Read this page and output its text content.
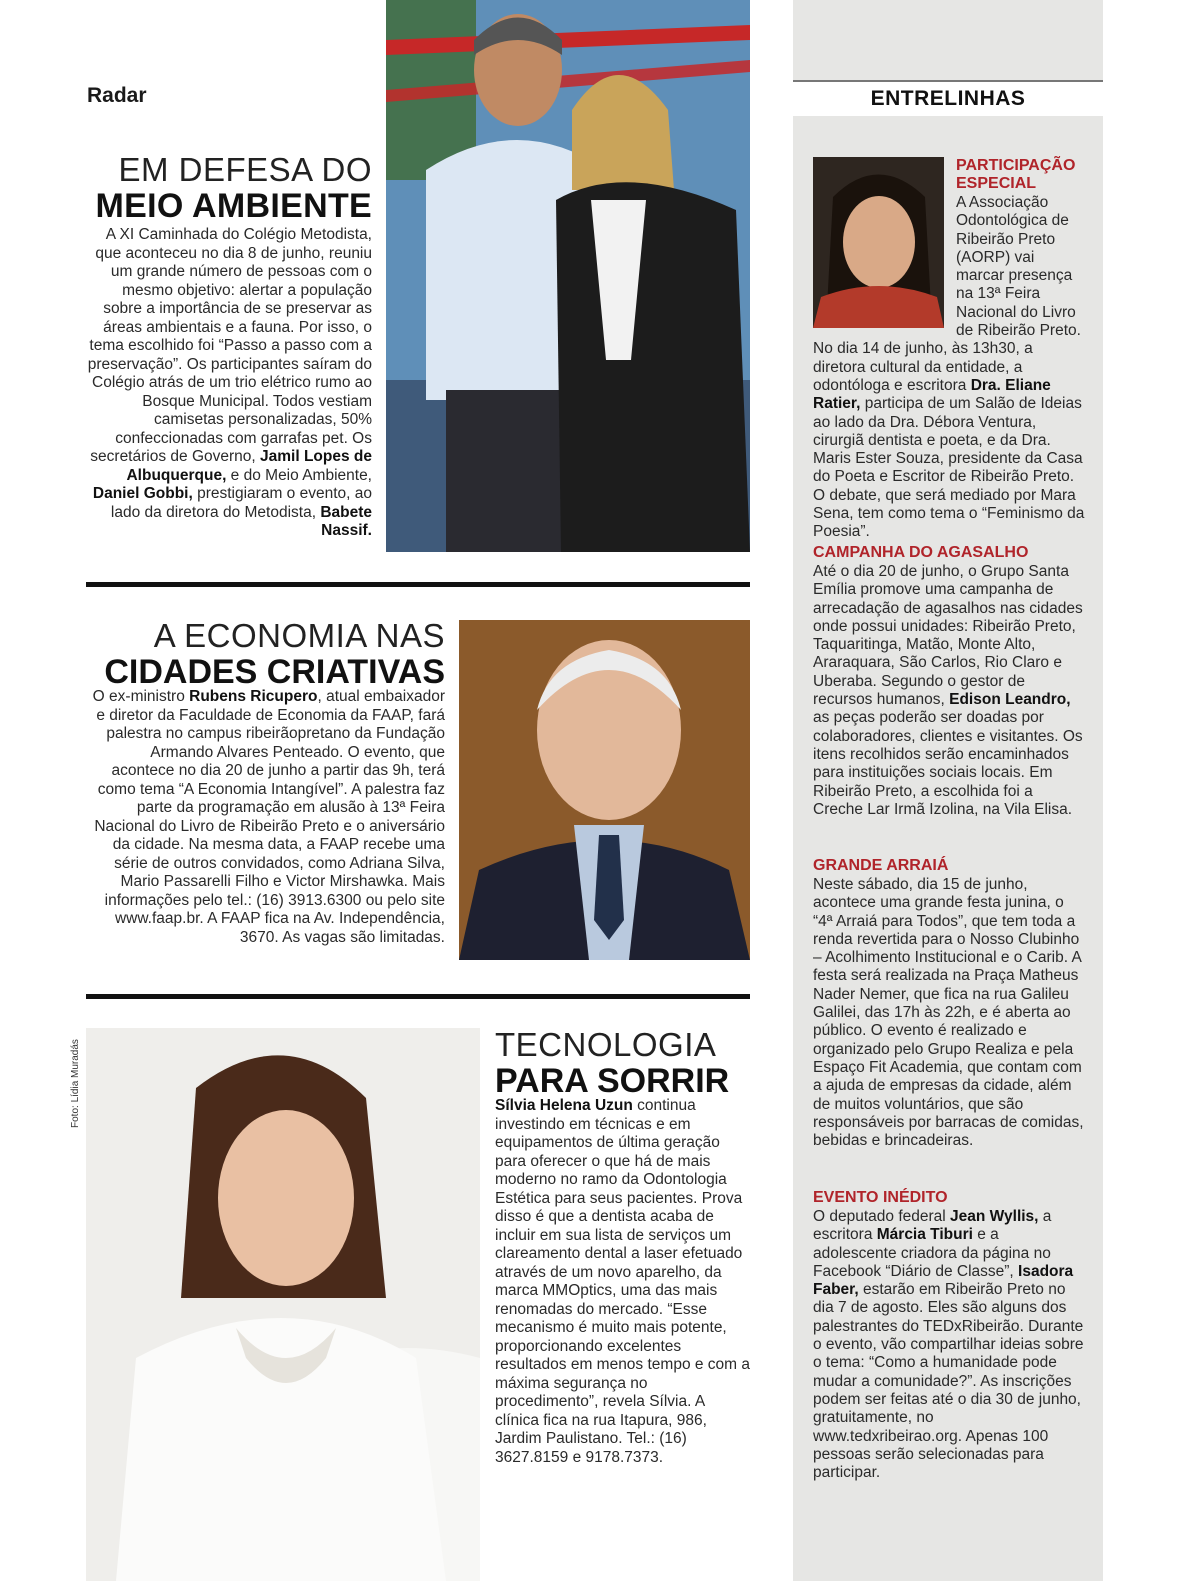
Radar
EM DEFESA DO
MEIO AMBIENTE
A XI Caminhada do Colégio Metodista, que aconteceu no dia 8 de junho, reuniu um grande número de pessoas com o mesmo objetivo: alertar a população sobre a importância de se preservar as áreas ambientais e a fauna. Por isso, o tema escolhido foi “Passo a passo com a preservação”. Os participantes saíram do Colégio atrás de um trio elétrico rumo ao Bosque Municipal. Todos vestiam camisetas personalizadas, 50% confeccionadas com garrafas pet. Os secretários de Governo, Jamil Lopes de Albuquerque, e do Meio Ambiente, Daniel Gobbi, prestigiaram o evento, ao lado da diretora do Metodista, Babete Nassif.
A ECONOMIA NAS
CIDADES CRIATIVAS
O ex-ministro Rubens Ricupero, atual embaixador e diretor da Faculdade de Economia da FAAP, fará palestra no campus ribeirãopretano da Fundação Armando Alvares Penteado. O evento, que acontece no dia 20 de junho a partir das 9h, terá como tema “A Economia Intangível”. A palestra faz parte da programação em alusão à 13ª Feira Nacional do Livro de Ribeirão Preto e o aniversário da cidade. Na mesma data, a FAAP recebe uma série de outros convidados, como Adriana Silva, Mario Passarelli Filho e Victor Mirshawka. Mais informações pelo tel.: (16) 3913.6300 ou pelo site www.faap.br. A FAAP fica na Av. Independência, 3670. As vagas são limitadas.
Foto: Lídia Muradás	TECNOLOGIA
PARA SORRIR
Sílvia Helena Uzun continua investindo em técnicas e em equipamentos de última geração para oferecer o que há de mais moderno no ramo da Odontologia Estética para seus pacientes. Prova disso é que a dentista acaba de incluir em sua lista de serviços um clareamento dental a laser efetuado através de um novo aparelho, da marca MMOptics, uma das mais renomadas do mercado. “Esse mecanismo é muito mais potente, proporcionando excelentes resultados em menos tempo e com a máxima segurança no procedimento”, revela Sílvia. A clínica fica na rua Itapura, 986, Jardim Paulistano. Tel.: (16) 3627.8159 e 9178.7373.
ENTRELINHAS
PARTICIPAÇÃO ESPECIAL
A Associação Odontológica de Ribeirão Preto (AORP) vai marcar presença na 13ª Feira Nacional do Livro de Ribeirão Preto. No dia 14 de junho, às 13h30, a diretora cultural da entidade, a odontóloga e escritora Dra. Eliane Ratier, participa de um Salão de Ideias ao lado da Dra. Débora Ventura, cirurgiã dentista e poeta, e da Dra. Maris Ester Souza, presidente da Casa do Poeta e Escritor de Ribeirão Preto. O debate, que será mediado por Mara Sena, tem como tema o “Feminismo da Poesia”.
CAMPANHA DO AGASALHO
Até o dia 20 de junho, o Grupo Santa Emília promove uma campanha de arrecadação de agasalhos nas cidades onde possui unidades: Ribeirão Preto, Taquaritinga, Matão, Monte Alto, Araraquara, São Carlos, Rio Claro e Uberaba. Segundo o gestor de recursos humanos, Edison Leandro, as peças poderão ser doadas por colaboradores, clientes e visitantes. Os itens recolhidos serão encaminhados para instituições sociais locais. Em Ribeirão Preto, a escolhida foi a Creche Lar Irmã Izolina, na Vila Elisa.
GRANDE ARRAIÁ
Neste sábado, dia 15 de junho, acontece uma grande festa junina, o “4ª Arraiá para Todos”, que tem toda a renda revertida para o Nosso Clubinho – Acolhimento Institucional e o Carib. A festa será realizada na Praça Matheus Nader Nemer, que fica na rua Galileu Galilei, das 17h às 22h, e é aberta ao público. O evento é realizado e organizado pelo Grupo Realiza e pela Espaço Fit Academia, que contam com a ajuda de empresas da cidade, além de muitos voluntários, que são responsáveis por barracas de comidas, bebidas e brincadeiras.
EVENTO INÉDITO
O deputado federal Jean Wyllis, a escritora Márcia Tiburi e a adolescente criadora da página no Facebook “Diário de Classe”, Isadora Faber, estarão em Ribeirão Preto no dia 7 de agosto. Eles são alguns dos palestrantes do TEDxRibeirão. Durante o evento, vão compartilhar ideias sobre o tema: “Como a humanidade pode mudar a comunidade?”. As inscrições podem ser feitas até o dia 30 de junho, gratuitamente, no www.tedxribeirao.org. Apenas 100 pessoas serão selecionadas para participar.
